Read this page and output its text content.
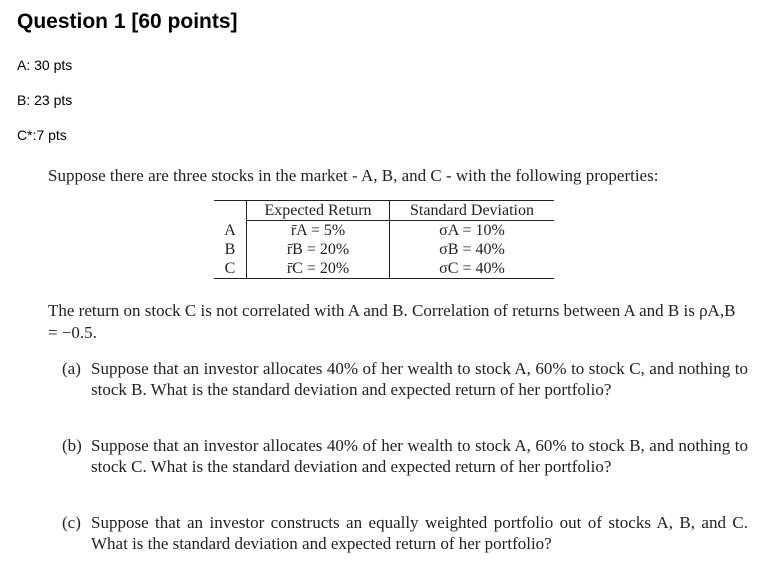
Question 1 [60 points]
A: 30 pts
B: 23 pts
C*:7 pts
Suppose there are three stocks in the market - A, B, and C - with the following properties:
	Expected Return	Standard Deviation
A	r̄A = 5%	σA = 10%
B	r̄B = 20%	σB = 40%
C	r̄C = 20%	σC = 40%
The return on stock C is not correlated with A and B. Correlation of returns between A and B is ρA,B = −0.5.
(a) Suppose that an investor allocates 40% of her wealth to stock A, 60% to stock C, and nothing to stock B. What is the standard deviation and expected return of her portfolio?
(b) Suppose that an investor allocates 40% of her wealth to stock A, 60% to stock B, and nothing to stock C. What is the standard deviation and expected return of her portfolio?
(c) Suppose that an investor constructs an equally weighted portfolio out of stocks A, B, and C. What is the standard deviation and expected return of her portfolio?
